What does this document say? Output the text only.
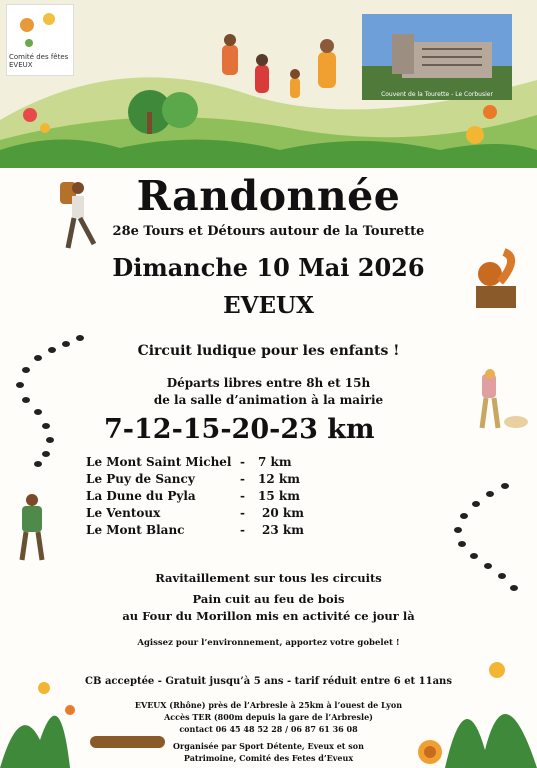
Comité des fêtes EVEUX
Couvent de la Tourette - Le Corbusier
Randonnée
28e Tours et Détours autour de la Tourette
Dimanche 10 Mai 2026
EVEUX
Circuit ludique pour les enfants !
Départs libres entre 8h et 15h
de la salle d’animation à la mairie
7-12-15-20-23 km
Le Mont Saint Michel - 7 km
Le Puy de Sancy	- 12 km
La Dune du Pyla	- 15 km
Le Ventoux	- 20 km
Le Mont Blanc	- 23 km
Ravitaillement sur tous les circuits
Pain cuit au feu de bois
au Four du Morillon mis en activité ce jour là
Agissez pour l’environnement, apportez votre gobelet !
CB acceptée - Gratuit jusqu’à 5 ans - tarif réduit entre 6 et 11ans
EVEUX (Rhône) près de l’Arbresle à 25km à l’ouest de Lyon
Accès TER (800m depuis la gare de l’Arbresle)
contact 06 45 48 52 28 / 06 87 61 36 08
Organisée par Sport Détente, Eveux et son
Patrimoine, Comité des Fetes d’Eveux
